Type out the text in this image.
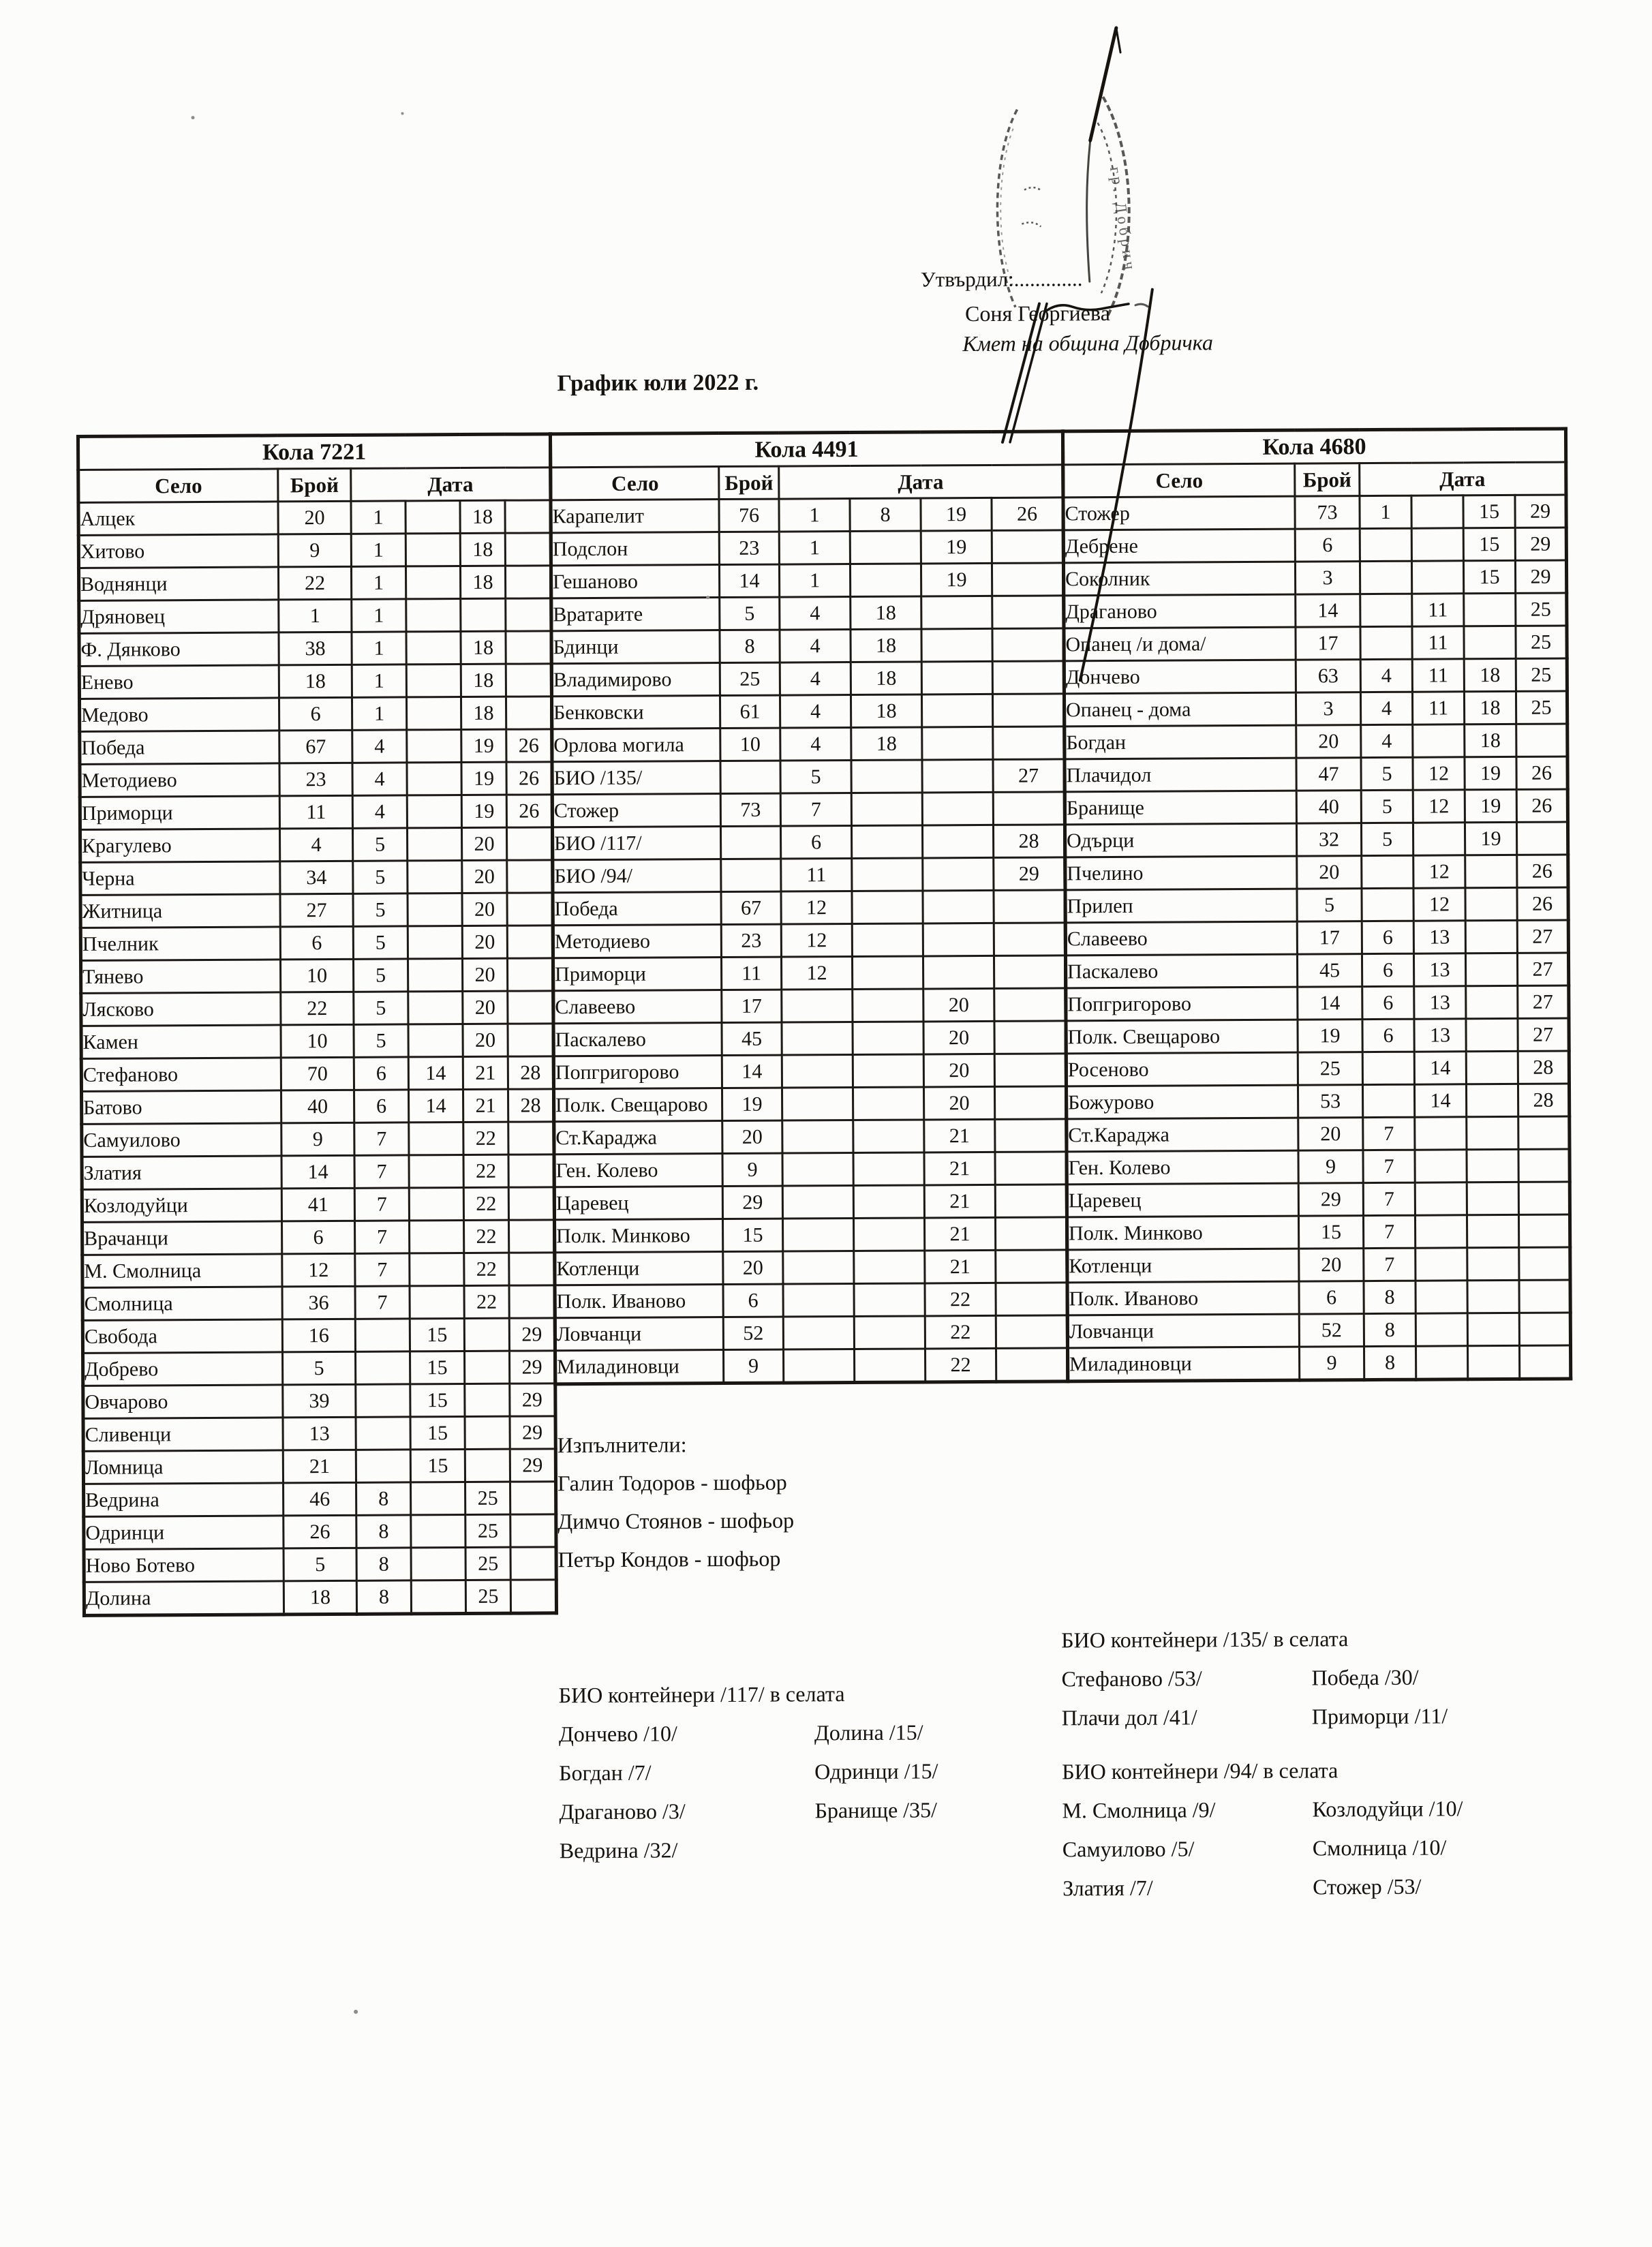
гр. Добрич
Утвърдил:.............
Соня Георгиева
Кмет на община Добричка
График юли 2022 г.
Кола 7221					
Село	Брой	Дата			
Алцек	20	1		18	
Хитово	9	1		18	
Воднянци	22	1		18	
Дряновец	1	1			
Ф. Дянково	38	1		18	
Енево	18	1		18	
Медово	6	1		18	
Победа	67	4		19	26
Методиево	23	4		19	26
Приморци	11	4		19	26
Крагулево	4	5		20	
Черна	34	5		20	
Житница	27	5		20	
Пчелник	6	5		20	
Тянево	10	5		20	
Лясково	22	5		20	
Камен	10	5		20	
Стефаново	70	6	14	21	28
Батово	40	6	14	21	28
Самуилово	9	7		22	
Златия	14	7		22	
Козлодуйци	41	7		22	
Врачанци	6	7		22	
М. Смолница	12	7		22	
Смолница	36	7		22	
Свобода	16		15		29
Добрево	5		15		29
Овчарово	39		15		29
Сливенци	13		15		29
Ломница	21		15		29
Ведрина	46	8		25	
Одринци	26	8		25	
Ново Ботево	5	8		25	
Долина	18	8		25	
Кола 4491					
Село	Брой	Дата			
Карапелит	76	1	8	19	26
Подслон	23	1		19	
Гешаново	14	1		19	
Вратарите	5	4	18		
Бдинци	8	4	18		
Владимирово	25	4	18		
Бенковски	61	4	18		
Орлова могила	10	4	18		
БИО /135/		5			27
Стожер	73	7			
БИО /117/		6			28
БИО /94/		11			29
Победа	67	12			
Методиево	23	12			
Приморци	11	12			
Славеево	17			20	
Паскалево	45			20	
Попгригорово	14			20	
Полк. Свещарово	19			20	
Ст.Караджа	20			21	
Ген. Колево	9			21	
Царевец	29			21	
Полк. Минково	15			21	
Котленци	20			21	
Полк. Иваново	6			22	
Ловчанци	52			22	
Миладиновци	9			22	
Кола 4680					
Село	Брой	Дата			
Стожер	73	1		15	29
Дебрене	6			15	29
Соколник	3			15	29
Драганово	14		11		25
Опанец /и дома/	17		11		25
Дончево	63	4	11	18	25
Опанец - дома	3	4	11	18	25
Богдан	20	4		18	
Плачидол	47	5	12	19	26
Бранище	40	5	12	19	26
Одърци	32	5		19	
Пчелино	20		12		26
Прилеп	5		12		26
Славеево	17	6	13		27
Паскалево	45	6	13		27
Попгригорово	14	6	13		27
Полк. Свещарово	19	6	13		27
Росеново	25		14		28
Божурово	53		14		28
Ст.Караджа	20	7			
Ген. Колево	9	7			
Царевец	29	7			
Полк. Минково	15	7			
Котленци	20	7			
Полк. Иваново	6	8			
Ловчанци	52	8			
Миладиновци	9	8			
Изпълнители:
Галин Тодоров - шофьор
Димчо Стоянов - шофьор
Петър Кондов - шофьор
БИО контейнери /117/ в селата
Дончево /10/
Богдан /7/
Драганово /3/
Ведрина /32/
Долина /15/
Одринци /15/
Бранище /35/
БИО контейнери /135/ в селата
Стефаново /53/
Плачи дол /41/
Победа /30/
Приморци /11/
БИО контейнери /94/ в селата
М. Смолница /9/
Самуилово /5/
Златия /7/
Козлодуйци /10/
Смолница /10/
Стожер /53/
